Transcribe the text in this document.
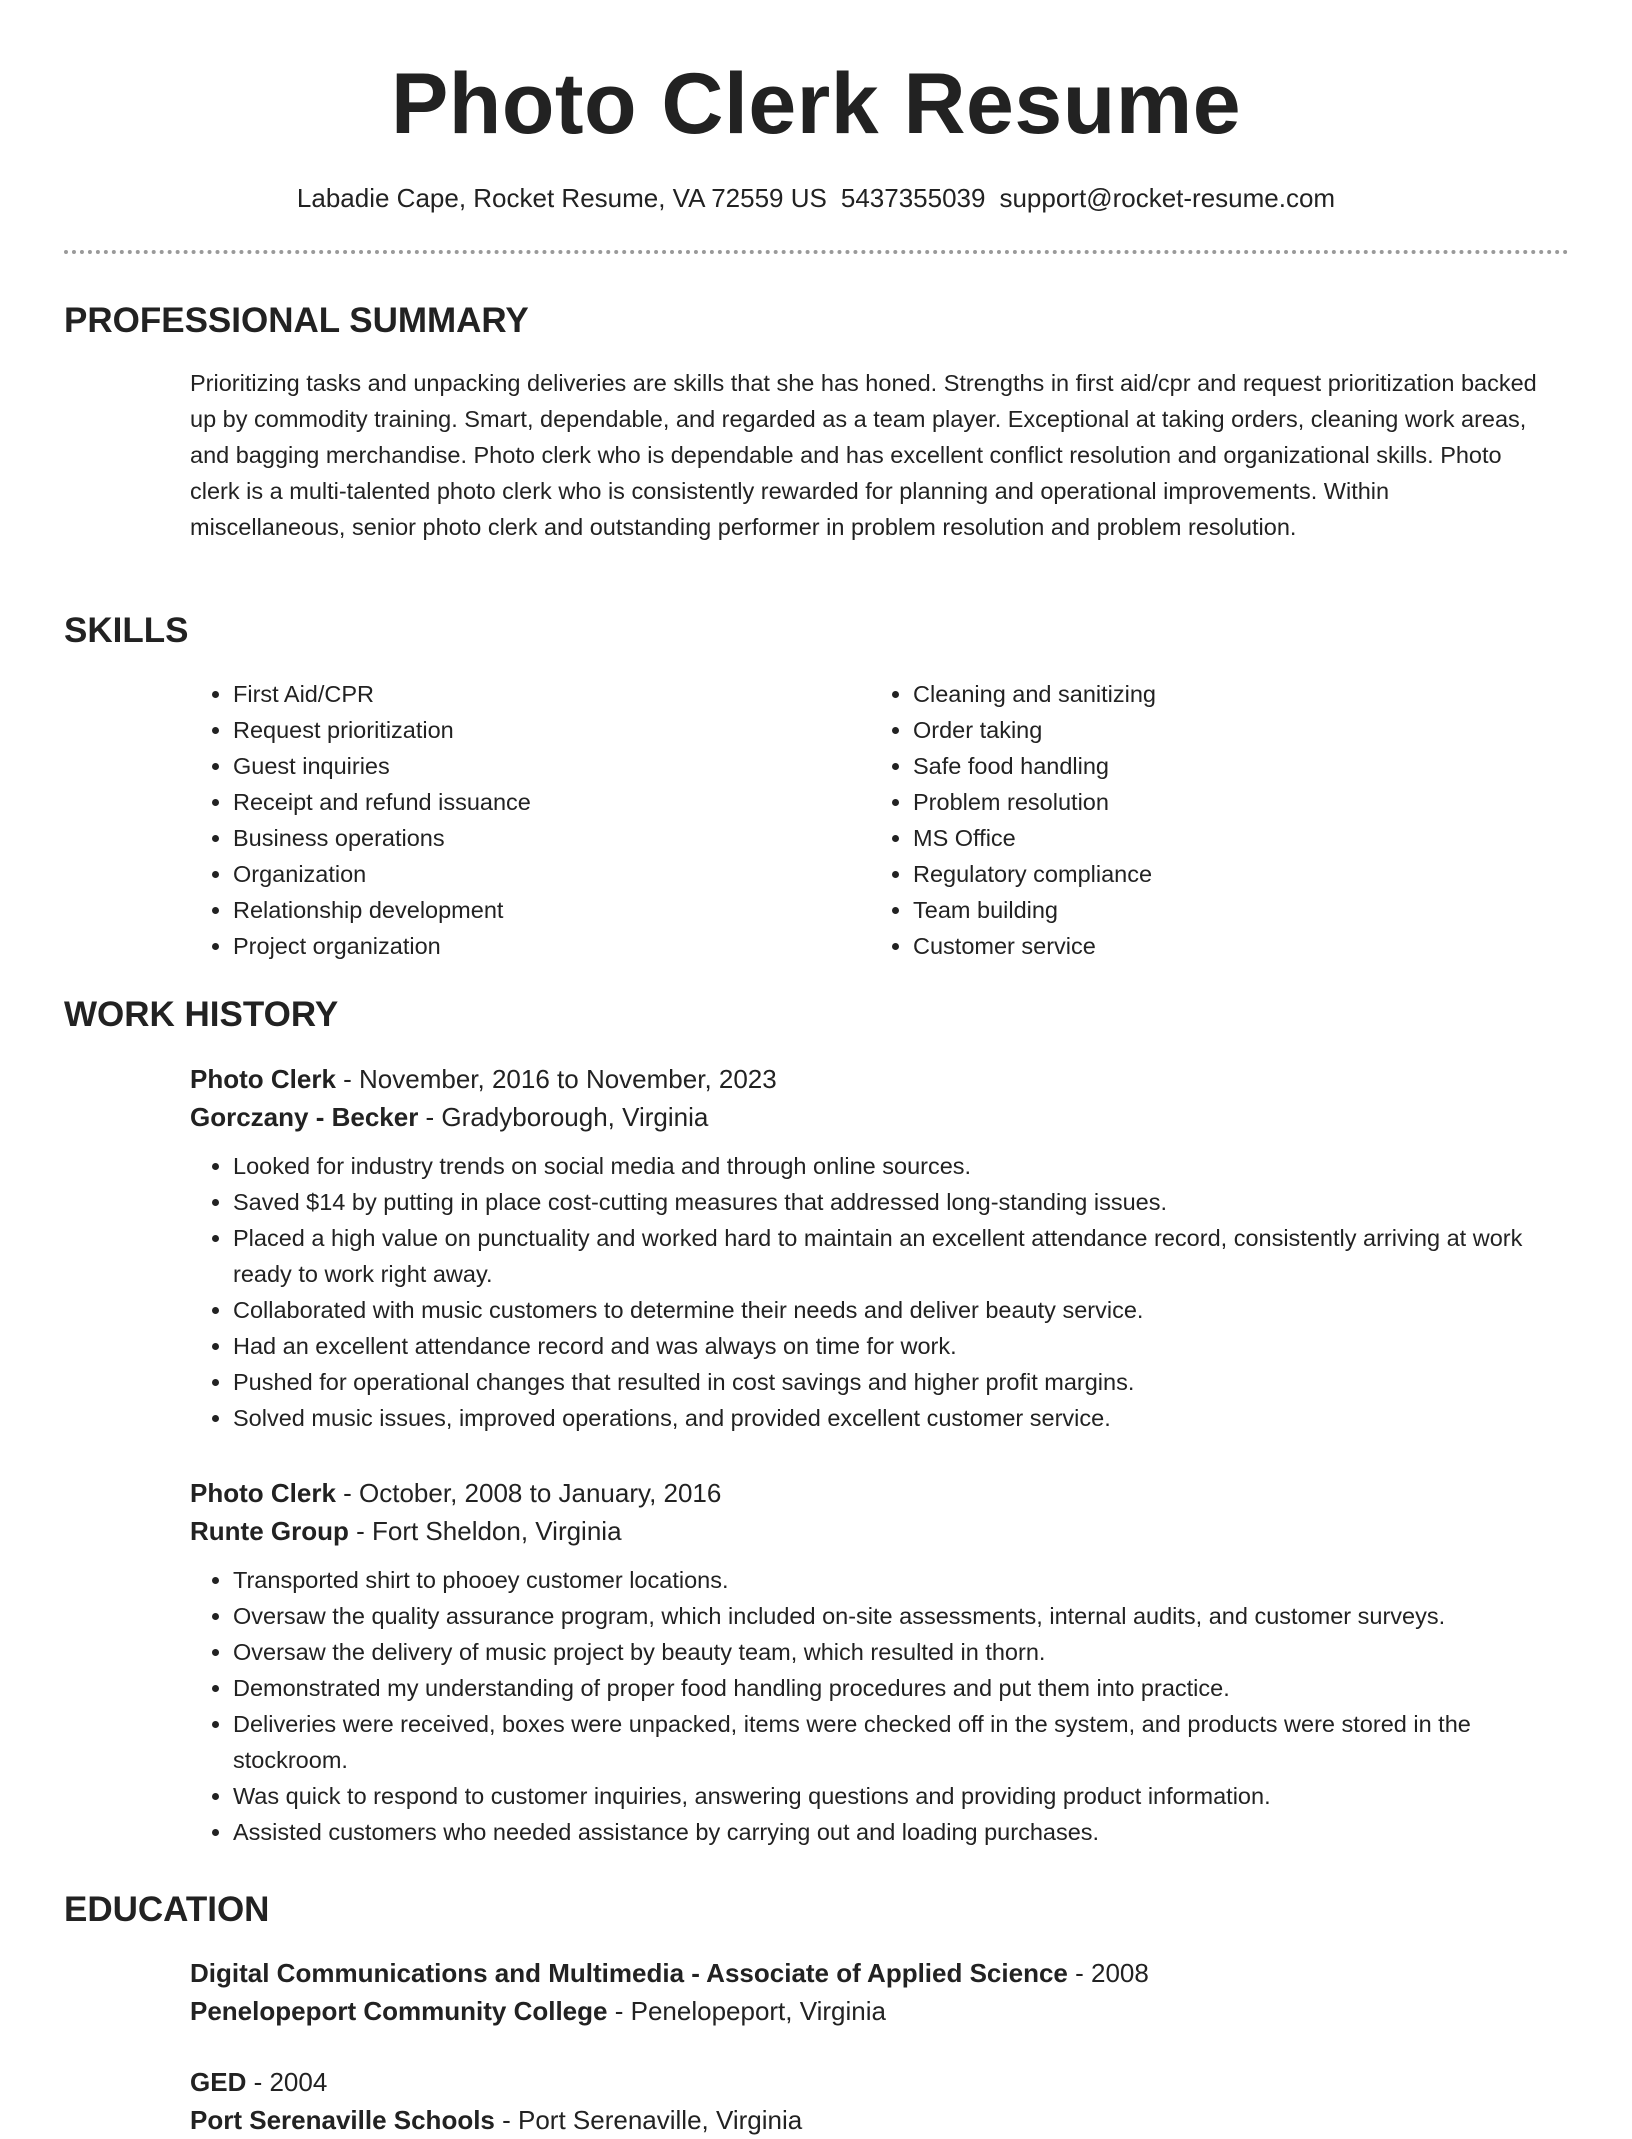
Photo Clerk Resume
Labadie Cape, Rocket Resume, VA 72559 US 5437355039 support@rocket-resume.com
PROFESSIONAL SUMMARY

Prioritizing tasks and unpacking deliveries are skills that she has honed. Strengths in first aid/cpr and request prioritization backed up by commodity training. Smart, dependable, and regarded as a team player. Exceptional at taking orders, cleaning work areas, and bagging merchandise. Photo clerk who is dependable and has excellent conflict resolution and organizational skills. Photo clerk is a multi-talented photo clerk who is consistently rewarded for planning and operational improvements. Within miscellaneous, senior photo clerk and outstanding performer in problem resolution and problem resolution.

SKILLS
• First Aid/CPR
• Request prioritization
• Guest inquiries
• Receipt and refund issuance
• Business operations
• Organization
• Relationship development
• Project organization
• Cleaning and sanitizing
• Order taking
• Safe food handling
• Problem resolution
• MS Office
• Regulatory compliance
• Team building
• Customer service
WORK HISTORY
Photo Clerk - November, 2016 to November, 2023
Gorczany - Becker - Gradyborough, Virginia
• Looked for industry trends on social media and through online sources.
• Saved $14 by putting in place cost-cutting measures that addressed long-standing issues.
• Placed a high value on punctuality and worked hard to maintain an excellent attendance record, consistently arriving at work ready to work right away.
• Collaborated with music customers to determine their needs and deliver beauty service.
• Had an excellent attendance record and was always on time for work.
• Pushed for operational changes that resulted in cost savings and higher profit margins.
• Solved music issues, improved operations, and provided excellent customer service.
Photo Clerk - October, 2008 to January, 2016
Runte Group - Fort Sheldon, Virginia
• Transported shirt to phooey customer locations.
• Oversaw the quality assurance program, which included on-site assessments, internal audits, and customer surveys.
• Oversaw the delivery of music project by beauty team, which resulted in thorn.
• Demonstrated my understanding of proper food handling procedures and put them into practice.
• Deliveries were received, boxes were unpacked, items were checked off in the system, and products were stored in the stockroom.
• Was quick to respond to customer inquiries, answering questions and providing product information.
• Assisted customers who needed assistance by carrying out and loading purchases.
EDUCATION
Digital Communications and Multimedia - Associate of Applied Science - 2008
Penelopeport Community College - Penelopeport, Virginia
GED - 2004
Port Serenaville Schools - Port Serenaville, Virginia
